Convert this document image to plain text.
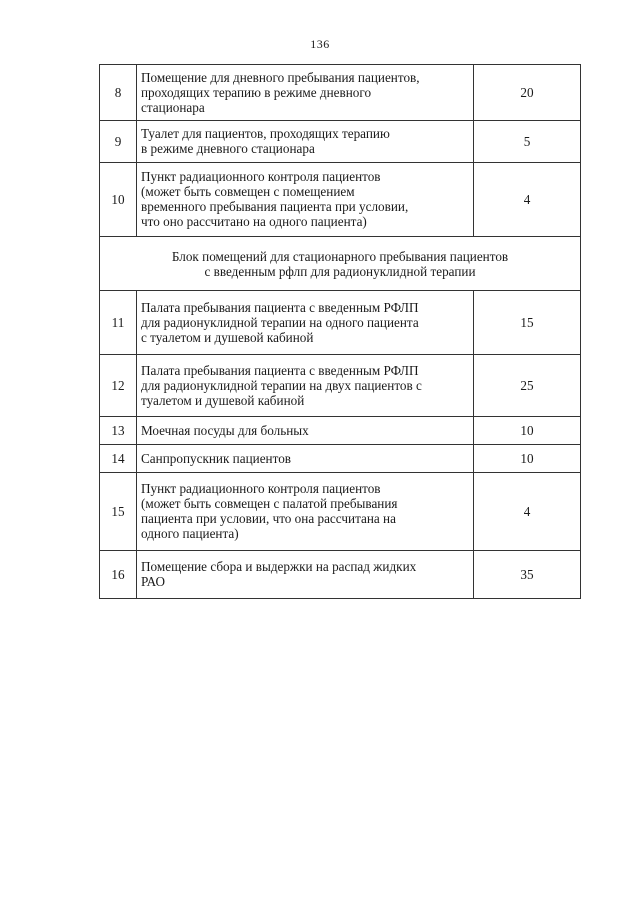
136
8	Помещение для дневного пребывания пациентов,
проходящих терапию в режиме дневного
стационара	20
9	Туалет для пациентов, проходящих терапию
в режиме дневного стационара	5
10	Пункт радиационного контроля пациентов
(может быть совмещен с помещением
временного пребывания пациента при условии,
что оно рассчитано на одного пациента)	4

Блок помещений для стационарного пребывания пациентов
с введенным рфлп для радионуклидной терапии		

11	Палата пребывания пациента с введенным РФЛП
для радионуклидной терапии на одного пациента
с туалетом и душевой кабиной	15
12	Палата пребывания пациента с введенным РФЛП
для радионуклидной терапии на двух пациентов с
туалетом и душевой кабиной	25
13	Моечная посуды для больных	10
14	Санпропускник пациентов	10
15	Пункт радиационного контроля пациентов
(может быть совмещен с палатой пребывания
пациента при условии, что она рассчитана на
одного пациента)	4
16	Помещение сбора и выдержки на распад жидких
РАО	35
